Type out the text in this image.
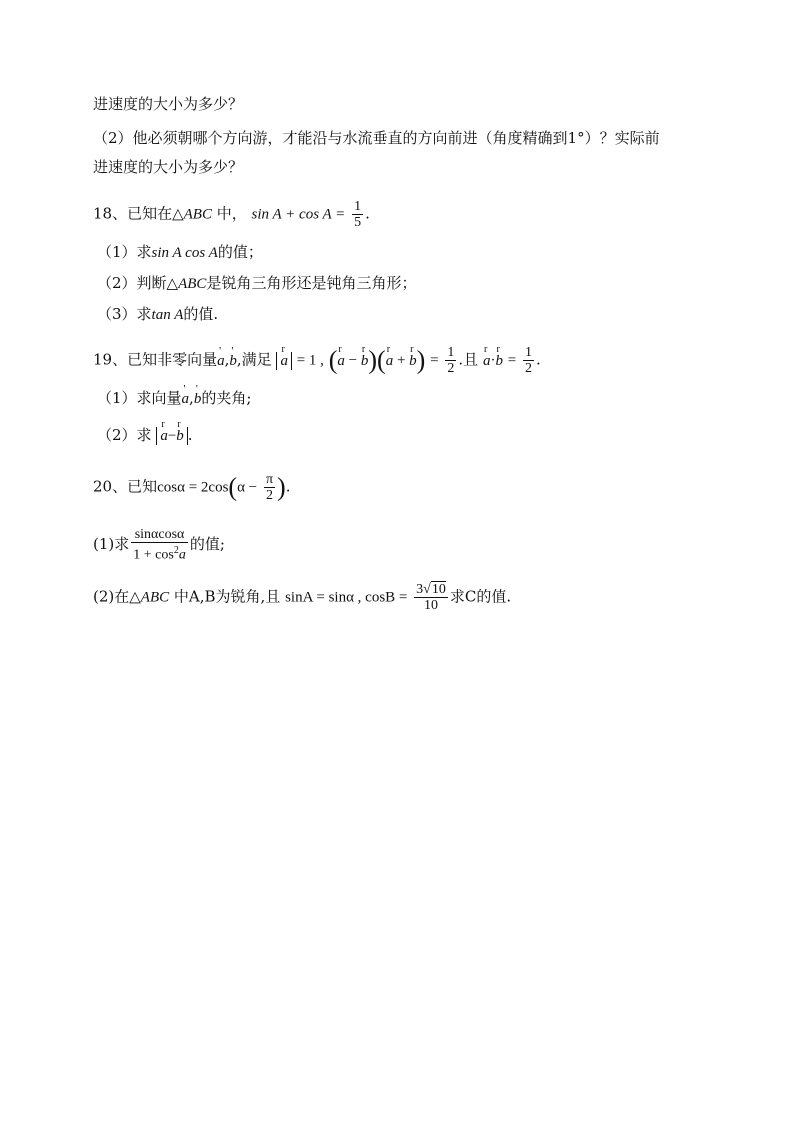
进速度的大小为多少？
（2）他必须朝哪个方向游，才能沿与水流垂直的方向前进（角度精确到1°）？实际前
进速度的大小为多少？
18、已知在△ABC 中， $\sin A + \cos A = \frac{1}{5}$ .
（1）求sin A cos A的值；
（2）判断△ABC是锐角三角形还是钝角三角形；
（3）求tan A的值.
19、已知非零向量' a,' b,满足 r a = 1 , (r a − r b)(r a + r $b) = \frac{1}{2}$ .且 r a·r $b = \frac{1}{2}$ .
（1）求向量' a,' b的夹角;
（2）求 r a−r b .
20、已知$\cos\alpha = 2\cos(\alpha - \frac{\pi}{2}$ ).
(1)求 $\frac{\sin\alpha\cos\alpha}{1 + \cos^2a}$ 的值;
(2)在△ABC 中A,B为锐角,且 sinA = sinα , $\cos B = \frac{3√10}{10}$ 求C的值.
